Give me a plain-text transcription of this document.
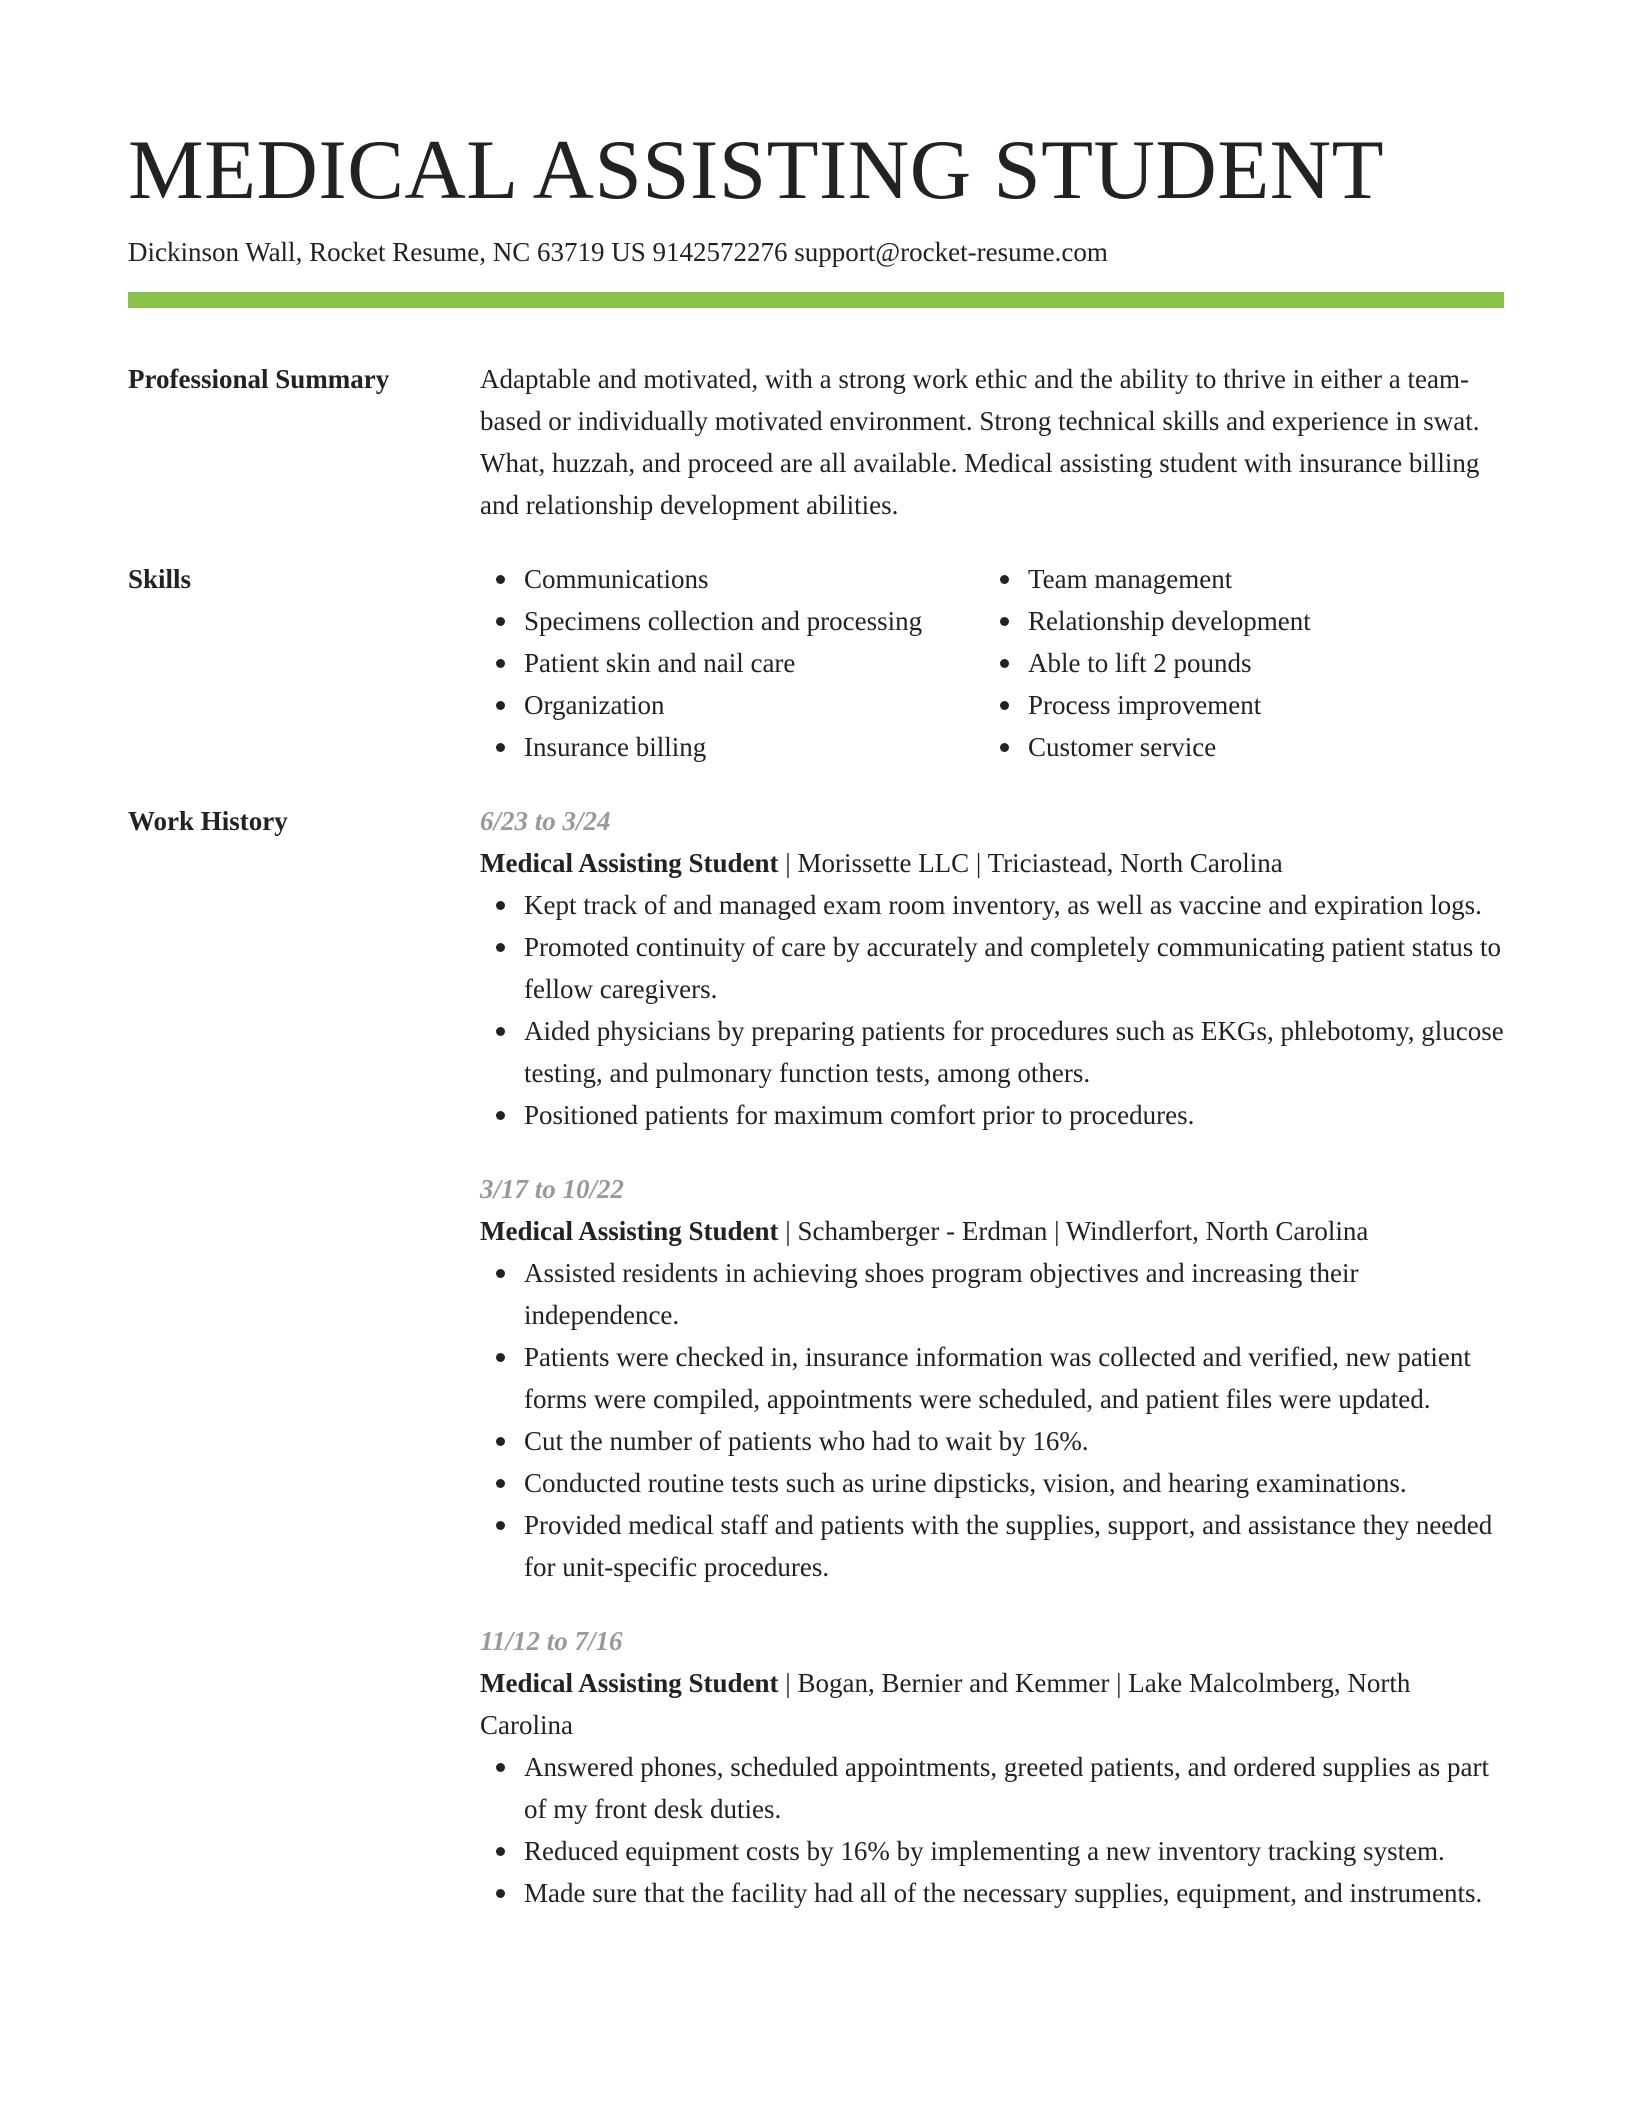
MEDICAL ASSISTING STUDENT
Dickinson Wall, Rocket Resume, NC 63719 US 9142572276 support@rocket-resume.com
Professional Summary	Adaptable and motivated, with a strong work ethic and the ability to thrive in either a team-based or individually motivated environment. Strong technical skills and experience in swat. What, huzzah, and proceed are all available. Medical assisting student with insurance billing and relationship development abilities.
Skills	Communications
Specimens collection and processing
Patient skin and nail care
Organization
Insurance billing
Team management
Relationship development
Able to lift 2 pounds
Process improvement
Customer service
Work History	6/23 to 3/24
Medical Assisting Student | Morissette LLC | Triciastead, North Carolina
Kept track of and managed exam room inventory, as well as vaccine and expiration logs.
Promoted continuity of care by accurately and completely communicating patient status to fellow caregivers.
Aided physicians by preparing patients for procedures such as EKGs, phlebotomy, glucose testing, and pulmonary function tests, among others.
Positioned patients for maximum comfort prior to procedures.
3/17 to 10/22
Medical Assisting Student | Schamberger - Erdman | Windlerfort, North Carolina
Assisted residents in achieving shoes program objectives and increasing their independence.
Patients were checked in, insurance information was collected and verified, new patient forms were compiled, appointments were scheduled, and patient files were updated.
Cut the number of patients who had to wait by 16%.
Conducted routine tests such as urine dipsticks, vision, and hearing examinations.
Provided medical staff and patients with the supplies, support, and assistance they needed for unit-specific procedures.
11/12 to 7/16
Medical Assisting Student | Bogan, Bernier and Kemmer | Lake Malcolmberg, North Carolina
Answered phones, scheduled appointments, greeted patients, and ordered supplies as part of my front desk duties.
Reduced equipment costs by 16% by implementing a new inventory tracking system.
Made sure that the facility had all of the necessary supplies, equipment, and instruments.
